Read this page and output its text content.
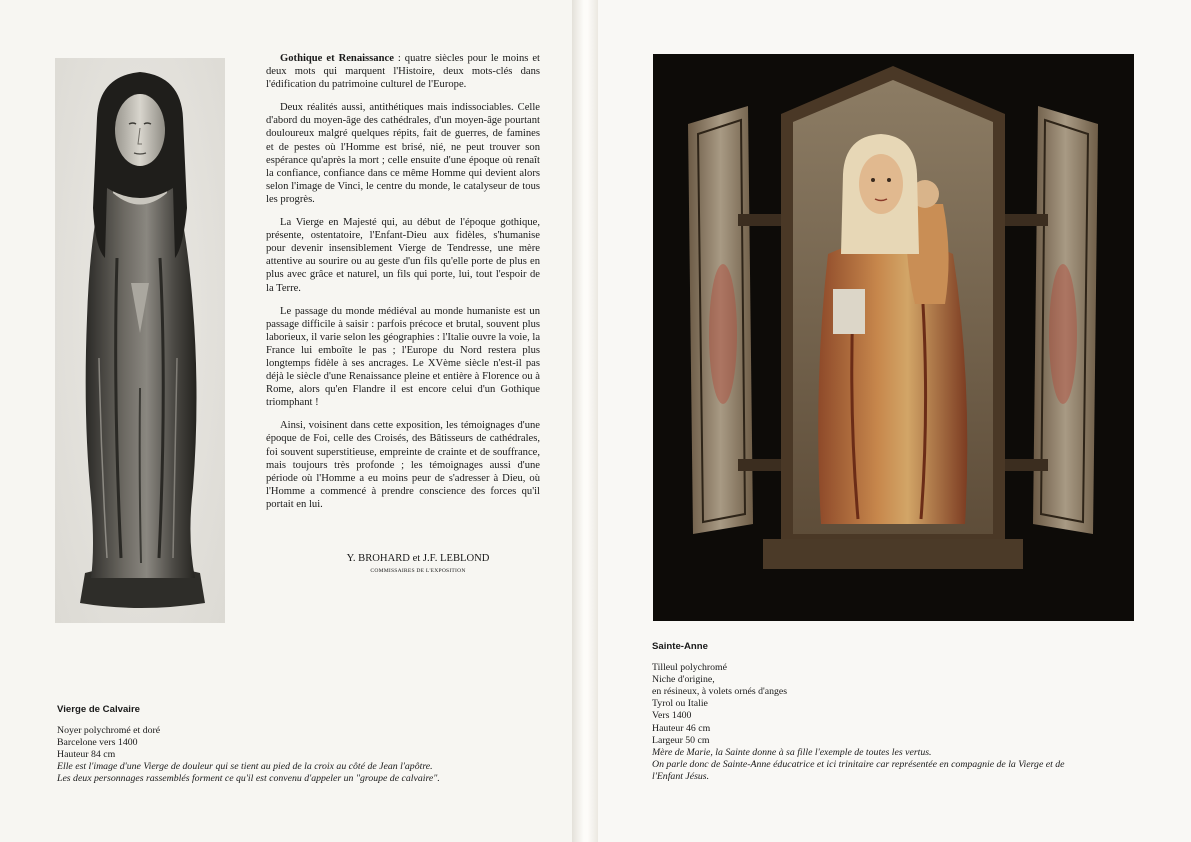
Gothique et Renaissance : quatre siècles pour le moins et deux mots qui marquent l'Histoire, deux mots-clés dans l'édification du patrimoine culturel de l'Europe.

Deux réalités aussi, antithétiques mais indissociables. Celle d'abord du moyen-âge des cathédrales, d'un moyen-âge pourtant douloureux malgré quelques répits, fait de guerres, de famines et de pestes où l'Homme est brisé, nié, ne peut trouver son espérance qu'après la mort ; celle ensuite d'une époque où renaît la confiance, confiance dans ce même Homme qui devient alors selon l'image de Vinci, le centre du monde, le catalyseur de tous les progrès.

La Vierge en Majesté qui, au début de l'époque gothique, présente, ostentatoire, l'Enfant-Dieu aux fidèles, s'humanise pour devenir insensiblement Vierge de Tendresse, une mère attentive au sourire ou au geste d'un fils qu'elle porte de plus en plus avec grâce et naturel, un fils qui porte, lui, tout l'espoir de la Terre.

Le passage du monde médiéval au monde humaniste est un passage difficile à saisir : parfois précoce et brutal, souvent plus laborieux, il varie selon les géographies : l'Italie ouvre la voie, la France lui emboîte le pas ; l'Europe du Nord restera plus longtemps fidèle à ses ancrages. Le XVème siècle n'est-il pas déjà le siècle d'une Renaissance pleine et entière à Florence ou à Rome, alors qu'en Flandre il est encore celui d'un Gothique triomphant !

Ainsi, voisinent dans cette exposition, les témoignages d'une époque de Foi, celle des Croisés, des Bâtisseurs de cathédrales, foi souvent superstitieuse, empreinte de crainte et de souffrance, mais toujours très profonde ; les témoignages aussi d'une période où l'Homme a eu moins peur de s'adresser à Dieu, où l'Homme a commencé à prendre conscience des forces qu'il portait en lui.

Y. BROHARD et J.F. LEBLOND
COMMISSAIRES DE L'EXPOSITION
Vierge de Calvaire
Noyer polychromé et doré
Barcelone vers 1400
Hauteur 84 cm
Elle est l'image d'une Vierge de douleur qui se tient au pied de la croix au côté de Jean l'apôtre.
Les deux personnages rassemblés forment ce qu'il est convenu d'appeler un "groupe de calvaire".
Sainte-Anne
Tilleul polychromé
Niche d'origine,
en résineux, à volets ornés d'anges
Tyrol ou Italie
Vers 1400
Hauteur 46 cm
Largeur 50 cm
Mère de Marie, la Sainte donne à sa fille l'exemple de toutes les vertus.
On parle donc de Sainte-Anne éducatrice et ici trinitaire car représentée en compagnie de la Vierge et de
l'Enfant Jésus.
